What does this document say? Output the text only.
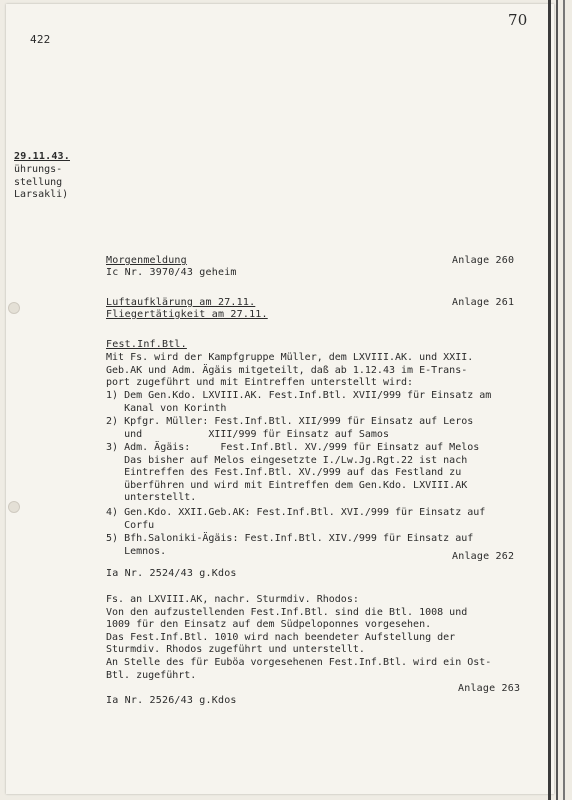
70
422
29.11.43.
ührungs-
stellung
Larsakli)
Morgenmeldung
Ic Nr. 3970/43 geheim
Anlage 260
Luftaufklärung am 27.11.
Fliegertätigkeit am 27.11.
Anlage 261
Fest.Inf.Btl.
Mit Fs. wird der Kampfgruppe Müller, dem LXVIII.AK. und XXII.
Geb.AK und Adm. Ägäis mitgeteilt, daß ab 1.12.43 im E-Trans-
port zugeführt und mit Eintreffen unterstellt wird:
1) Dem Gen.Kdo. LXVIII.AK. Fest.Inf.Btl. XVII/999 für Einsatz am
Kanal von Korinth
2) Kpfgr. Müller: Fest.Inf.Btl. XII/999 für Einsatz auf Leros
und           XIII/999 für Einsatz auf Samos
3) Adm. Ägäis:     Fest.Inf.Btl. XV./999 für Einsatz auf Melos
Das bisher auf Melos eingesetzte I./Lw.Jg.Rgt.22 ist nach
Eintreffen des Fest.Inf.Btl. XV./999 auf das Festland zu
überführen und wird mit Eintreffen dem Gen.Kdo. LXVIII.AK
unterstellt.
4) Gen.Kdo. XXII.Geb.AK: Fest.Inf.Btl. XVI./999 für Einsatz auf
Corfu
5) Bfh.Saloniki-Ägäis: Fest.Inf.Btl. XIV./999 für Einsatz auf
Lemnos.	Anlage 262
Ia Nr. 2524/43 g.Kdos
Fs. an LXVIII.AK, nachr. Sturmdiv. Rhodos:
Von den aufzustellenden Fest.Inf.Btl. sind die Btl. 1008 und
1009 für den Einsatz auf dem Südpeloponnes vorgesehen.
Das Fest.Inf.Btl. 1010 wird nach beendeter Aufstellung der
Sturmdiv. Rhodos zugeführt und unterstellt.
An Stelle des für Euböa vorgesehenen Fest.Inf.Btl. wird ein Ost-
Btl. zugeführt.
Anlage 263
Ia Nr. 2526/43 g.Kdos
